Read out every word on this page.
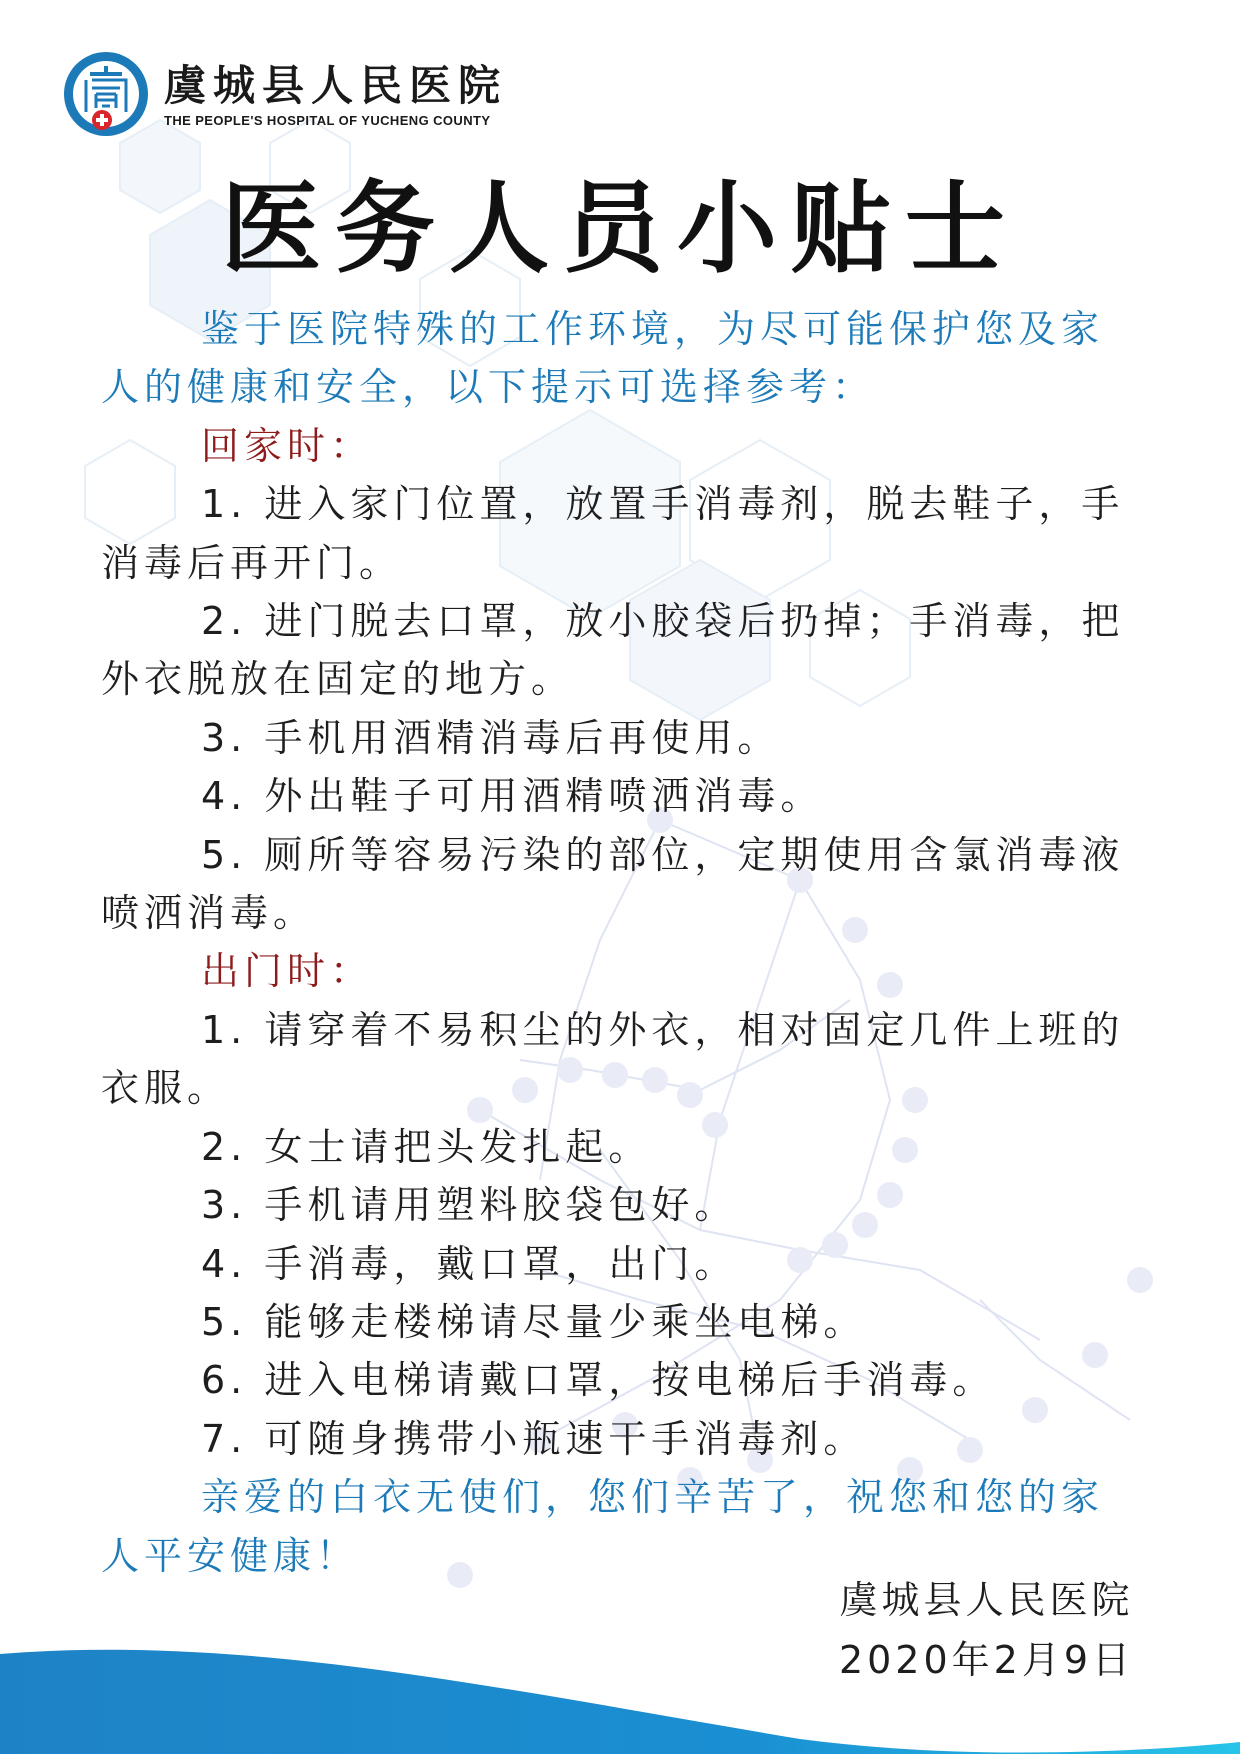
虞城县人民医院
THE PEOPLE'S HOSPITAL OF YUCHENG COUNTY
医务人员小贴士

鉴于医院特殊的工作环境，为尽可能保护您及家人的健康和安全，以下提示可选择参考：

回家时：

1. 进入家门位置，放置手消毒剂，脱去鞋子，手消毒后再开门。

2. 进门脱去口罩，放小胶袋后扔掉；手消毒，把外衣脱放在固定的地方。

3. 手机用酒精消毒后再使用。

4. 外出鞋子可用酒精喷洒消毒。

5. 厕所等容易污染的部位，定期使用含氯消毒液喷洒消毒。

出门时：

1. 请穿着不易积尘的外衣，相对固定几件上班的衣服。

2. 女士请把头发扎起。

3. 手机请用塑料胶袋包好。

4. 手消毒，戴口罩，出门。

5. 能够走楼梯请尽量少乘坐电梯。

6. 进入电梯请戴口罩，按电梯后手消毒。

7. 可随身携带小瓶速干手消毒剂。

亲爱的白衣无使们，您们辛苦了，祝您和您的家人平安健康！

虞城县人民医院
2020年2月9日
